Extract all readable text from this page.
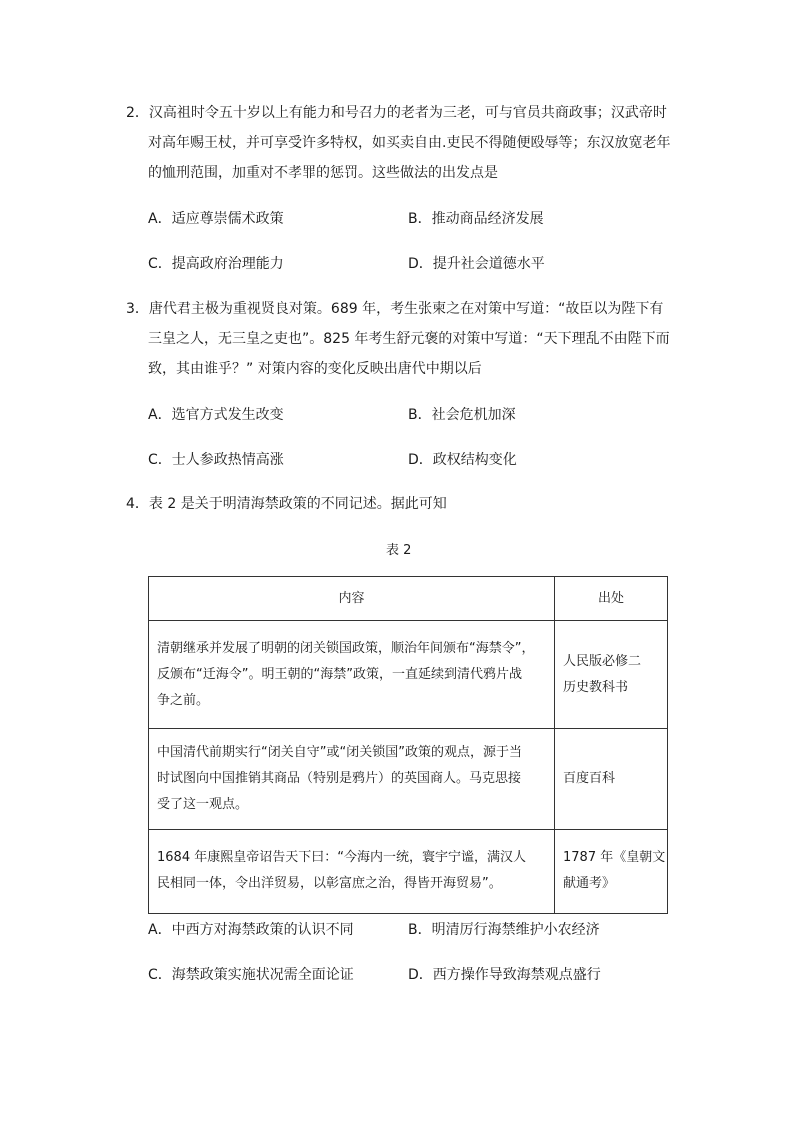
2．汉高祖时令五十岁以上有能力和号召力的老者为三老，可与官员共商政事；汉武帝时
对高年赐王杖，并可享受许多特权，如买卖自由.吏民不得随便殴辱等；东汉放宽老年
的恤刑范围，加重对不孝罪的惩罚。这些做法的出发点是
A．适应尊崇儒术政策	B．推动商品经济发展
C．提高政府治理能力	D．提升社会道德水平
3．唐代君主极为重视贤良对策。689 年，考生张柬之在对策中写道：“故臣以为陛下有
三皇之人，无三皇之吏也”。825 年考生舒元褒的对策中写道：“天下理乱不由陛下而
致，其由谁乎？” 对策内容的变化反映出唐代中期以后
A．选官方式发生改变	B．社会危机加深
C．士人参政热情高涨	D．政权结构变化
4．表 2 是关于明清海禁政策的不同记述。据此可知
表 2
内容	出处

清朝继承并发展了明朝的闭关锁国政策，顺治年间颁布“海禁令”，
反颁布“迁海令”。明王朝的“海禁”政策，一直延续到清代鸦片战
争之前。	人民版必修二
历史教科书

中国清代前期实行“闭关自守”或“闭关锁国”政策的观点，源于当
时试图向中国推销其商品（特别是鸦片）的英国商人。马克思接
受了这一观点。	百度百科

1684 年康熙皇帝诏告天下曰：“今海内一统，寰宇宁谧，满汉人
民相同一体，令出洋贸易，以彰富庶之治，得皆开海贸易”。	1787 年《皇朝文
献通考》
A．中西方对海禁政策的认识不同	B．明清厉行海禁维护小农经济
C．海禁政策实施状况需全面论证	D．西方操作导致海禁观点盛行
